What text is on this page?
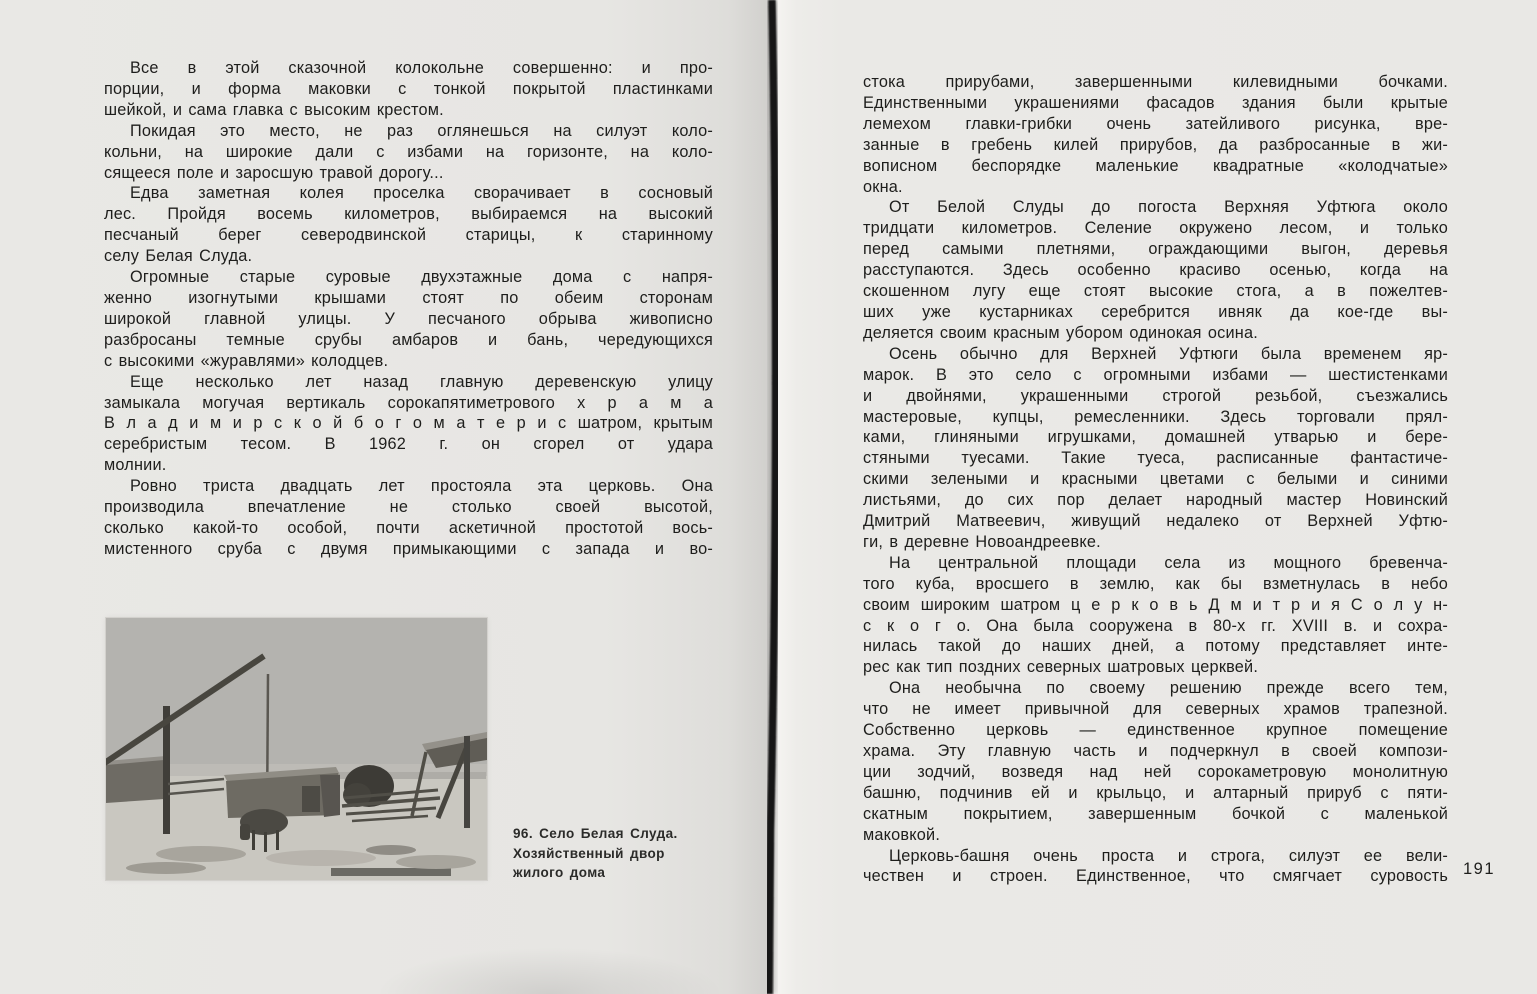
Все в этой сказочной колокольне совершенно: и про-
порции, и форма маковки с тонкой покрытой пластинками
шейкой, и сама главка с высоким крестом.
Покидая это место, не раз оглянешься на силуэт коло-
кольни, на широкие дали с избами на горизонте, на коло-
сящееся поле и заросшую травой дорогу...
Едва заметная колея проселка сворачивает в сосновый
лес. Пройдя восемь километров, выбираемся на высокий
песчаный берег северодвинской старицы, к старинному
селу Белая Слуда.
Огромные старые суровые двухэтажные дома с напря-
женно изогнутыми крышами стоят по обеим сторонам
широкой главной улицы. У песчаного обрыва живописно
разбросаны темные срубы амбаров и бань, чередующихся
с высокими «журавлями» колодцев.
Еще несколько лет назад главную деревенскую улицу
замыкала могучая вертикаль сорокапятиметрового х р а м а
В л а д и м и р с к о й б о г о м а т е р и с шатром, крытым
серебристым тесом. В 1962 г. он сгорел от удара
молнии.
Ровно триста двадцать лет простояла эта церковь. Она
производила впечатление не столько своей высотой,
сколько какой-то особой, почти аскетичной простотой вось-
мистенного сруба с двумя примыкающими с запада и во-
96. Село Белая Слуда.
Хозяйственный двор
жилого дома
стока прирубами, завершенными килевидными бочками.
Единственными украшениями фасадов здания были крытые
лемехом главки-грибки очень затейливого рисунка, вре-
занные в гребень килей прирубов, да разбросанные в жи-
вописном беспорядке маленькие квадратные «колодчатые»
окна.
От Белой Слуды до погоста Верхняя Уфтюга около
тридцати километров. Селение окружено лесом, и только
перед самыми плетнями, ограждающими выгон, деревья
расступаются. Здесь особенно красиво осенью, когда на
скошенном лугу еще стоят высокие стога, а в пожелтев-
ших уже кустарниках серебрится ивняк да кое-где вы-
деляется своим красным убором одинокая осина.
Осень обычно для Верхней Уфтюги была временем яр-
марок. В это село с огромными избами — шестистенками
и двойнями, украшенными строгой резьбой, съезжались
мастеровые, купцы, ремесленники. Здесь торговали прял-
ками, глиняными игрушками, домашней утварью и бере-
стяными туесами. Такие туеса, расписанные фантастиче-
скими зелеными и красными цветами с белыми и синими
листьями, до сих пор делает народный мастер Новинский
Дмитрий Матвеевич, живущий недалеко от Верхней Уфтю-
ги, в деревне Новоандреевке.
На центральной площади села из мощного бревенча-
того куба, вросшего в землю, как бы взметнулась в небо
своим широким шатром ц е р к о в ь Д м и т р и я С о л у н-
с к о г о. Она была сооружена в 80-х гг. XVIII в. и сохра-
нилась такой до наших дней, а потому представляет инте-
рес как тип поздних северных шатровых церквей.
Она необычна по своему решению прежде всего тем,
что не имеет привычной для северных храмов трапезной.
Собственно церковь — единственное крупное помещение
храма. Эту главную часть и подчеркнул в своей компози-
ции зодчий, возведя над ней сорокаметровую монолитную
башню, подчинив ей и крыльцо, и алтарный прируб с пяти-
скатным покрытием, завершенным бочкой с маленькой
маковкой.
Церковь-башня очень проста и строга, силуэт ее вели-
чествен и строен. Единственное, что смягчает суровость 191
